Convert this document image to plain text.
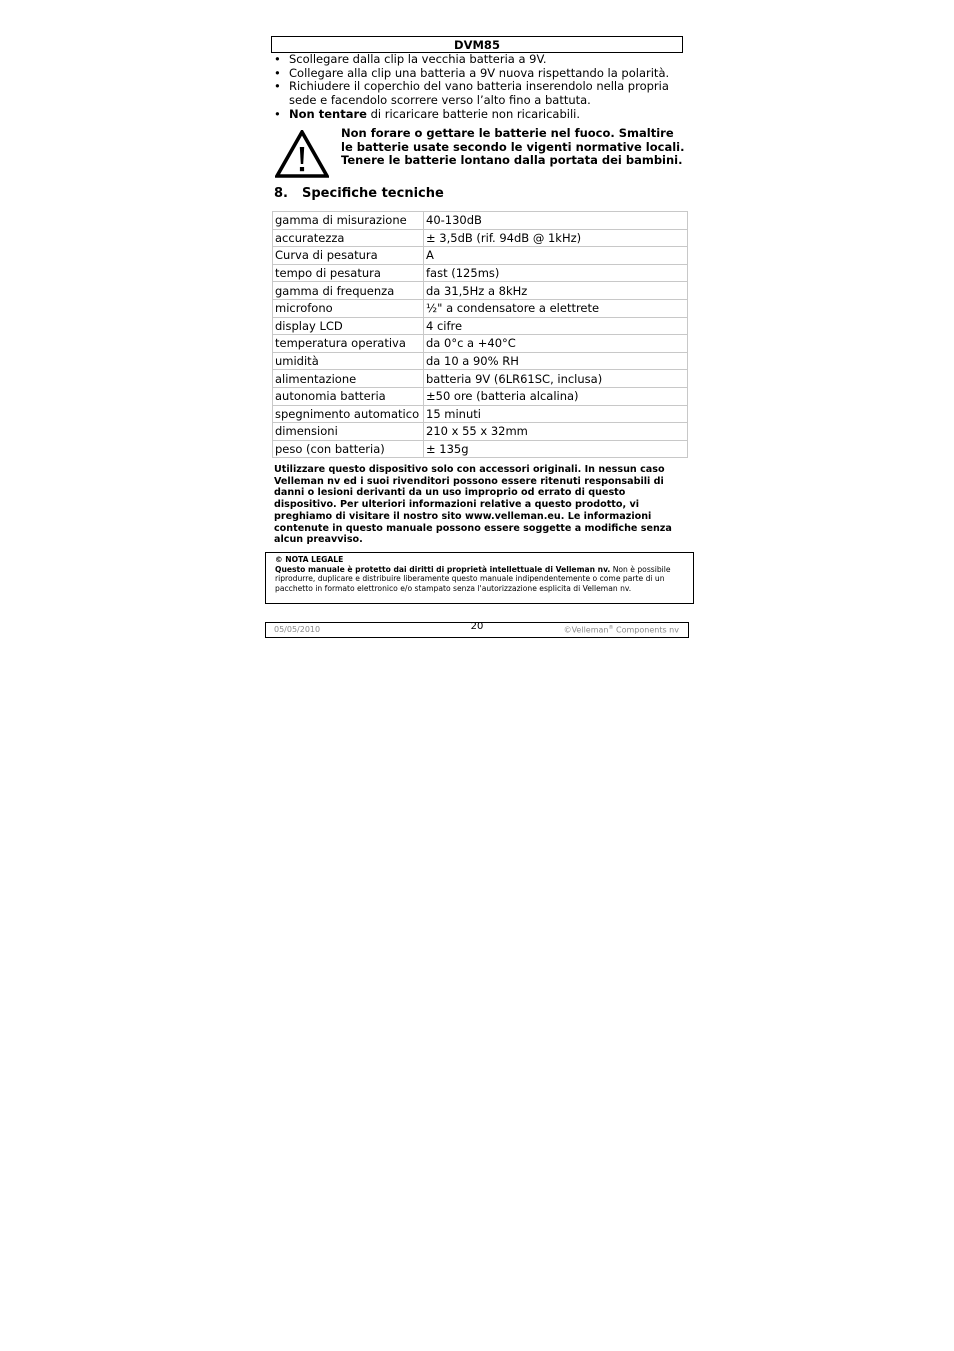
DVM85
• Scollegare dalla clip la vecchia batteria a 9V.
• Collegare alla clip una batteria a 9V nuova rispettando la polarità.
• Richiudere il coperchio del vano batteria inserendolo nella propria sede e facendolo scorrere verso l’alto fino a battuta.
• Non tentare di ricaricare batterie non ricaricabili.
Non forare o gettare le batterie nel fuoco. Smaltire le batterie usate secondo le vigenti normative locali. Tenere le batterie lontano dalla portata dei bambini.
8. Specifiche tecniche
gamma di misurazione	40-130dB
accuratezza	± 3,5dB (rif. 94dB @ 1kHz)
Curva di pesatura	A
tempo di pesatura	fast (125ms)
gamma di frequenza	da 31,5Hz a 8kHz
microfono	½" a condensatore a elettrete
display LCD	4 cifre
temperatura operativa	da 0°c a +40°C
umidità	da 10 a 90% RH
alimentazione	batteria 9V (6LR61SC, inclusa)
autonomia batteria	±50 ore (batteria alcalina)
spegnimento automatico	15 minuti
dimensioni	210 x 55 x 32mm
peso (con batteria)	± 135g
Utilizzare questo dispositivo solo con accessori originali. In nessun caso Velleman nv ed i suoi rivenditori possono essere ritenuti responsabili di danni o lesioni derivanti da un uso improprio od errato di questo dispositivo. Per ulteriori informazioni relative a questo prodotto, vi preghiamo di visitare il nostro sito www.velleman.eu. Le informazioni contenute in questo manuale possono essere soggette a modifiche senza alcun preavviso.
© NOTA LEGALE
Questo manuale è protetto dai diritti di proprietà intellettuale di Velleman nv. Non è possibile riprodurre, duplicare e distribuire liberamente questo manuale indipendentemente o come parte di un pacchetto in formato elettronico e/o stampato senza l'autorizzazione esplicita di Velleman nv.
05/05/2010	20	©Velleman® Components nv
